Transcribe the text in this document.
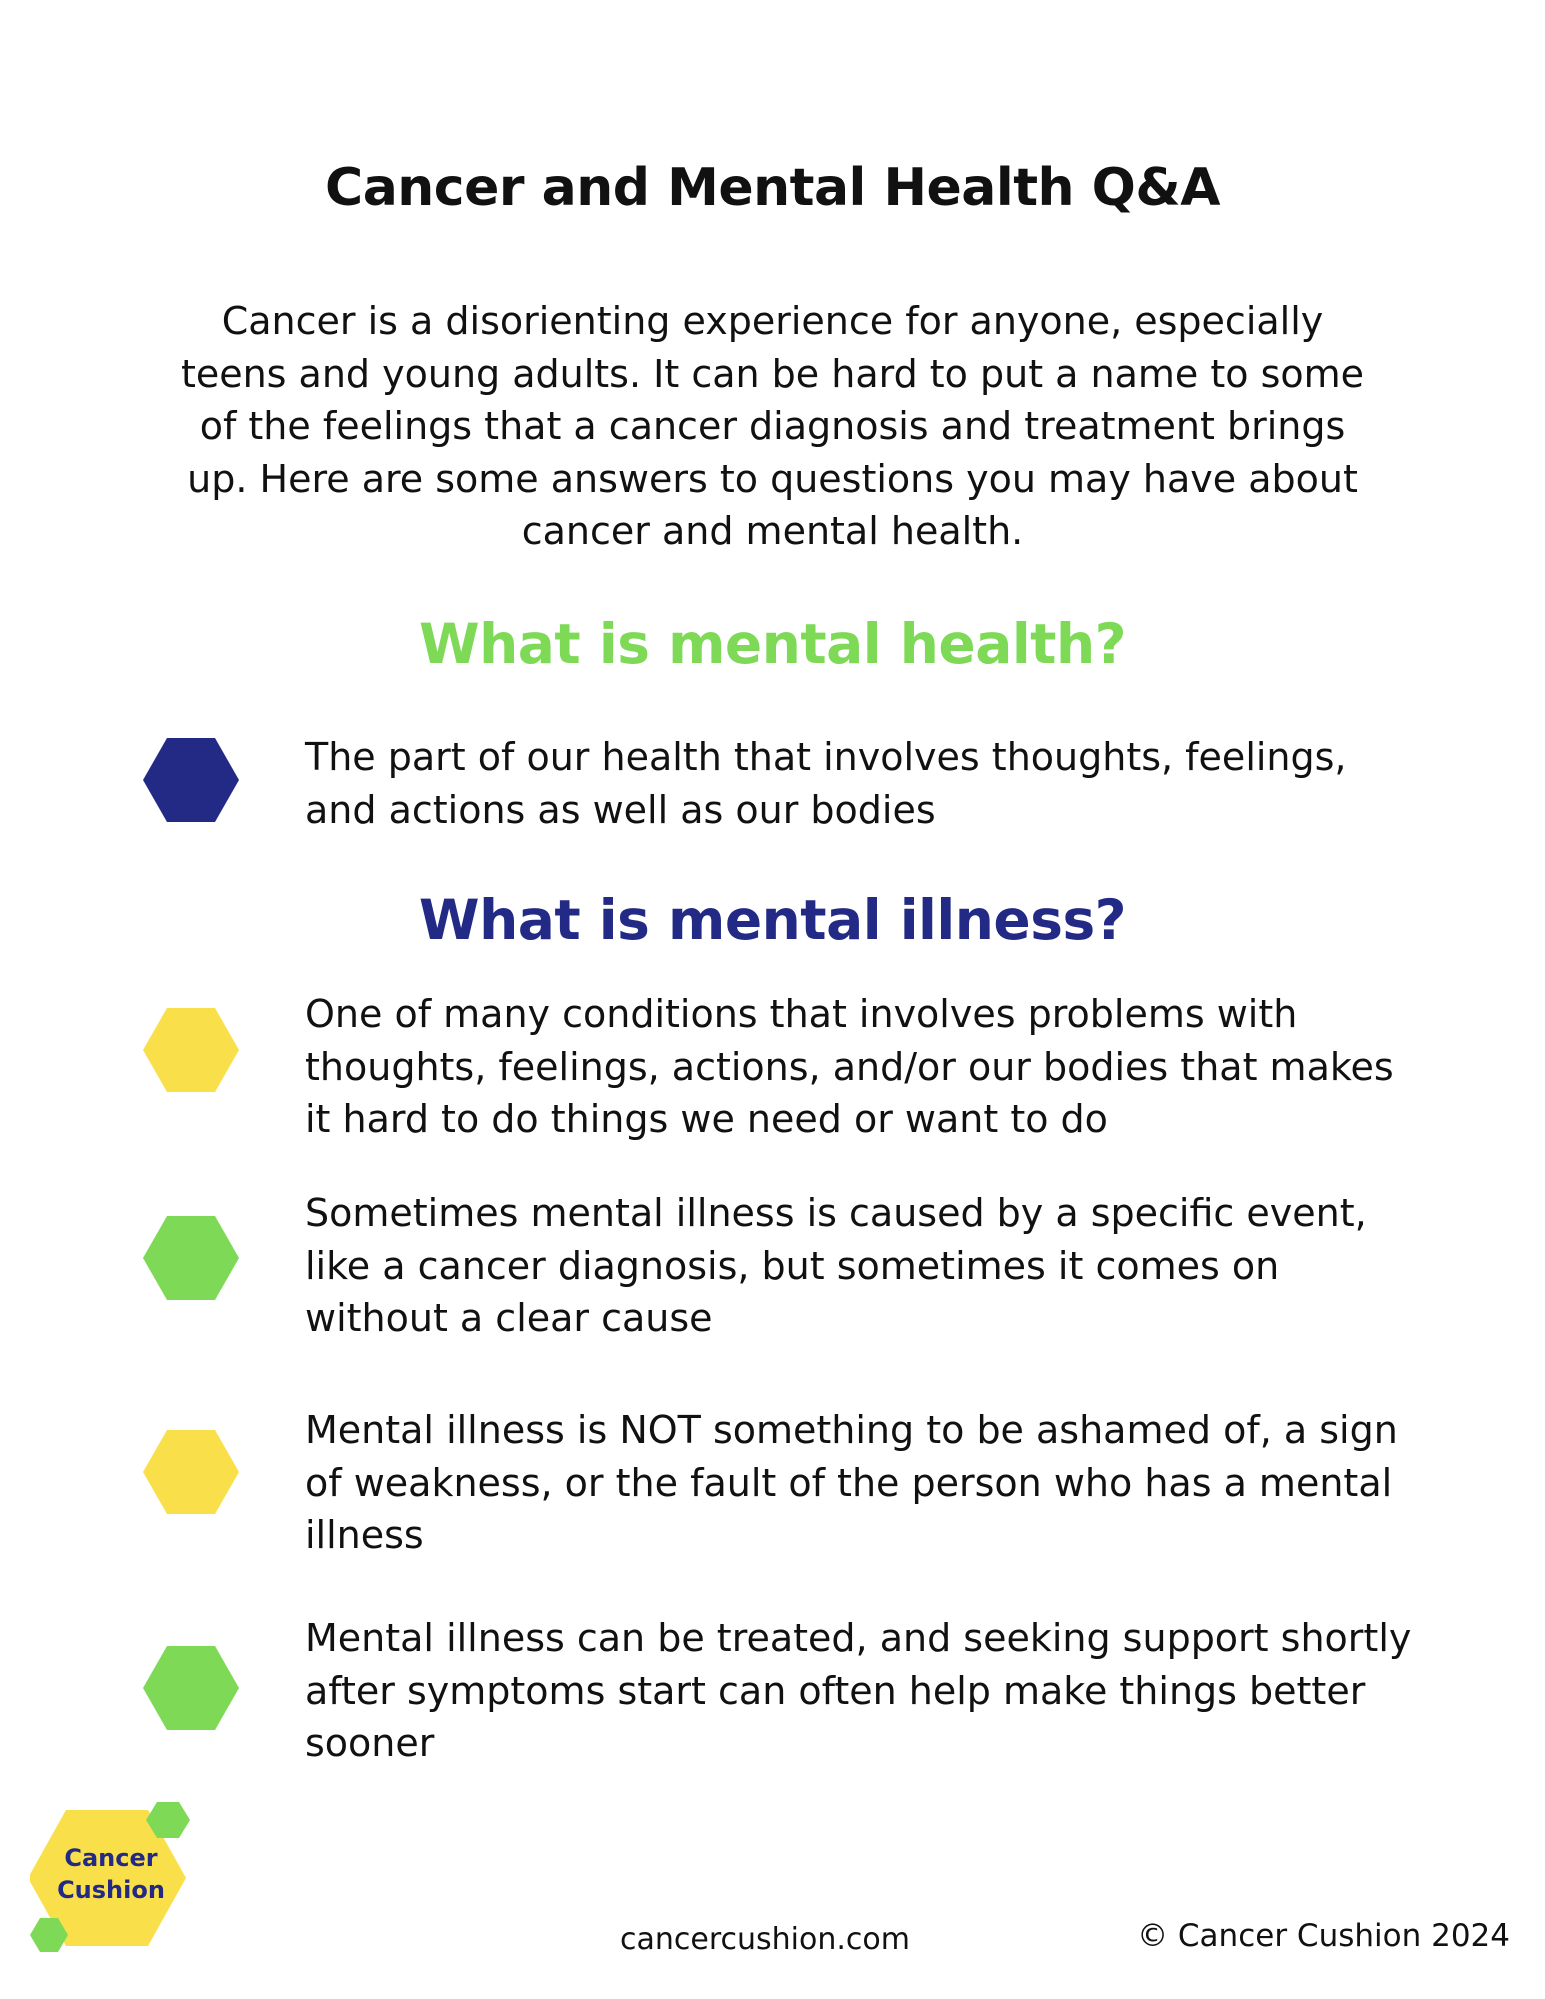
Cancer and Mental Health Q&A

Cancer is a disorienting experience for anyone, especially teens and young adults. It can be hard to put a name to some of the feelings that a cancer diagnosis and treatment brings up. Here are some answers to questions you may have about cancer and mental health.

What is mental health?

The part of our health that involves thoughts, feelings, and actions as well as our bodies

What is mental illness?

One of many conditions that involves problems with thoughts, feelings, actions, and/or our bodies that makes it hard to do things we need or want to do

Sometimes mental illness is caused by a specific event, like a cancer diagnosis, but sometimes it comes on without a clear cause

Mental illness is NOT something to be ashamed of, a sign of weakness, or the fault of the person who has a mental illness

Mental illness can be treated, and seeking support shortly after symptoms start can often help make things better sooner

Cancer
Cushion

cancercushion.com	© Cancer Cushion 2024
